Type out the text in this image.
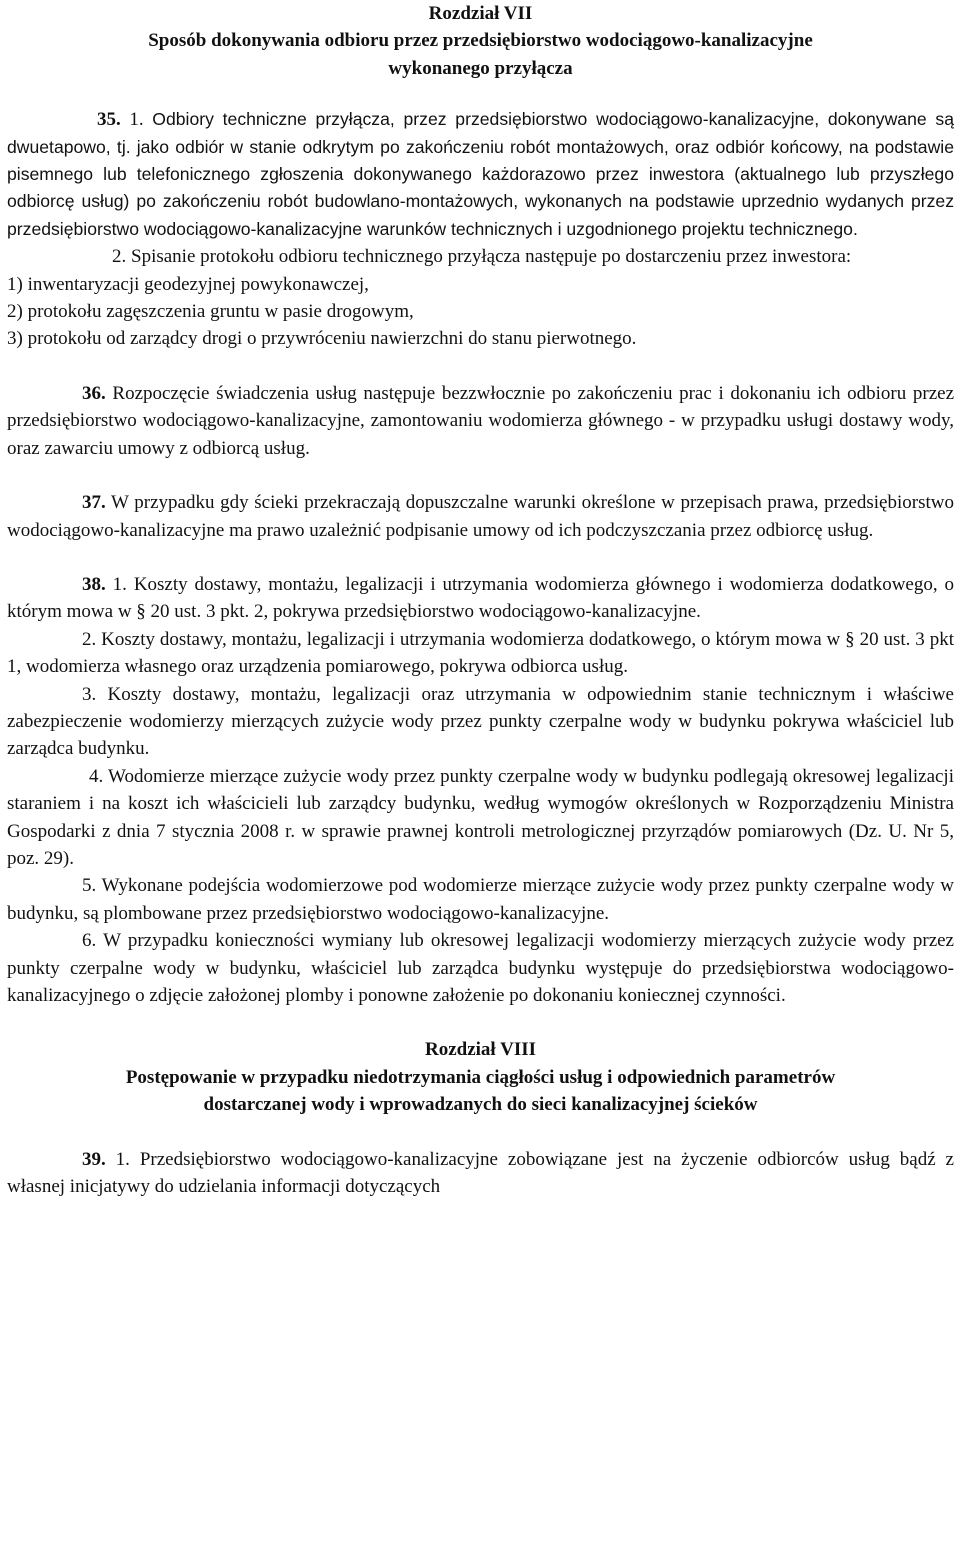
Rozdział VII
Sposób dokonywania odbioru przez przedsiębiorstwo wodociągowo-kanalizacyjne
wykonanego przyłącza

35. 1. Odbiory techniczne przyłącza, przez przedsiębiorstwo wodociągowo-kanalizacyjne, dokonywane są dwuetapowo, tj. jako odbiór w stanie odkrytym po zakończeniu robót montażowych, oraz odbiór końcowy, na podstawie pisemnego lub telefonicznego zgłoszenia dokonywanego każdorazowo przez inwestora (aktualnego lub przyszłego odbiorcę usług) po zakończeniu robót budowlano-montażowych, wykonanych na podstawie uprzednio wydanych przez przedsiębiorstwo wodociągowo-kanalizacyjne warunków technicznych i uzgodnionego projektu technicznego.

2. Spisanie protokołu odbioru technicznego przyłącza następuje po dostarczeniu przez inwestora:

1) inwentaryzacji geodezyjnej powykonawczej,

2) protokołu zagęszczenia gruntu w pasie drogowym,

3) protokołu od zarządcy drogi o przywróceniu nawierzchni do stanu pierwotnego.

36. Rozpoczęcie świadczenia usług następuje bezzwłocznie po zakończeniu prac i dokonaniu ich odbioru przez przedsiębiorstwo wodociągowo-kanalizacyjne, zamontowaniu wodomierza głównego - w przypadku usługi dostawy wody, oraz zawarciu umowy z odbiorcą usług.

37. W przypadku gdy ścieki przekraczają dopuszczalne warunki określone w przepisach prawa, przedsiębiorstwo wodociągowo-kanalizacyjne ma prawo uzależnić podpisanie umowy od ich podczyszczania przez odbiorcę usług.

38. 1. Koszty dostawy, montażu, legalizacji i utrzymania wodomierza głównego i wodomierza dodatkowego, o którym mowa w § 20 ust. 3 pkt. 2, pokrywa przedsiębiorstwo wodociągowo-kanalizacyjne.

2. Koszty dostawy, montażu, legalizacji i utrzymania wodomierza dodatkowego, o którym mowa w § 20 ust. 3 pkt 1, wodomierza własnego oraz urządzenia pomiarowego, pokrywa odbiorca usług.

3. Koszty dostawy, montażu, legalizacji oraz utrzymania w odpowiednim stanie technicznym i właściwe zabezpieczenie wodomierzy mierzących zużycie wody przez punkty czerpalne wody w budynku pokrywa właściciel lub zarządca budynku.

4. Wodomierze mierzące zużycie wody przez punkty czerpalne wody w budynku podlegają okresowej legalizacji staraniem i na koszt ich właścicieli lub zarządcy budynku, według wymogów określonych w Rozporządzeniu Ministra Gospodarki z dnia 7 stycznia 2008 r. w sprawie prawnej kontroli metrologicznej przyrządów pomiarowych (Dz. U. Nr 5, poz. 29).

5. Wykonane podejścia wodomierzowe pod wodomierze mierzące zużycie wody przez punkty czerpalne wody w budynku, są plombowane przez przedsiębiorstwo wodociągowo-kanalizacyjne.

6. W przypadku konieczności wymiany lub okresowej legalizacji wodomierzy mierzących zużycie wody przez punkty czerpalne wody w budynku, właściciel lub zarządca budynku występuje do przedsiębiorstwa wodociągowo-kanalizacyjnego o zdjęcie założonej plomby i ponowne założenie po dokonaniu koniecznej czynności.

Rozdział VIII
Postępowanie w przypadku niedotrzymania ciągłości usług i odpowiednich parametrów
dostarczanej wody i wprowadzanych do sieci kanalizacyjnej ścieków

39. 1. Przedsiębiorstwo wodociągowo-kanalizacyjne zobowiązane jest na życzenie odbiorców usług bądź z własnej inicjatywy do udzielania informacji dotyczących
